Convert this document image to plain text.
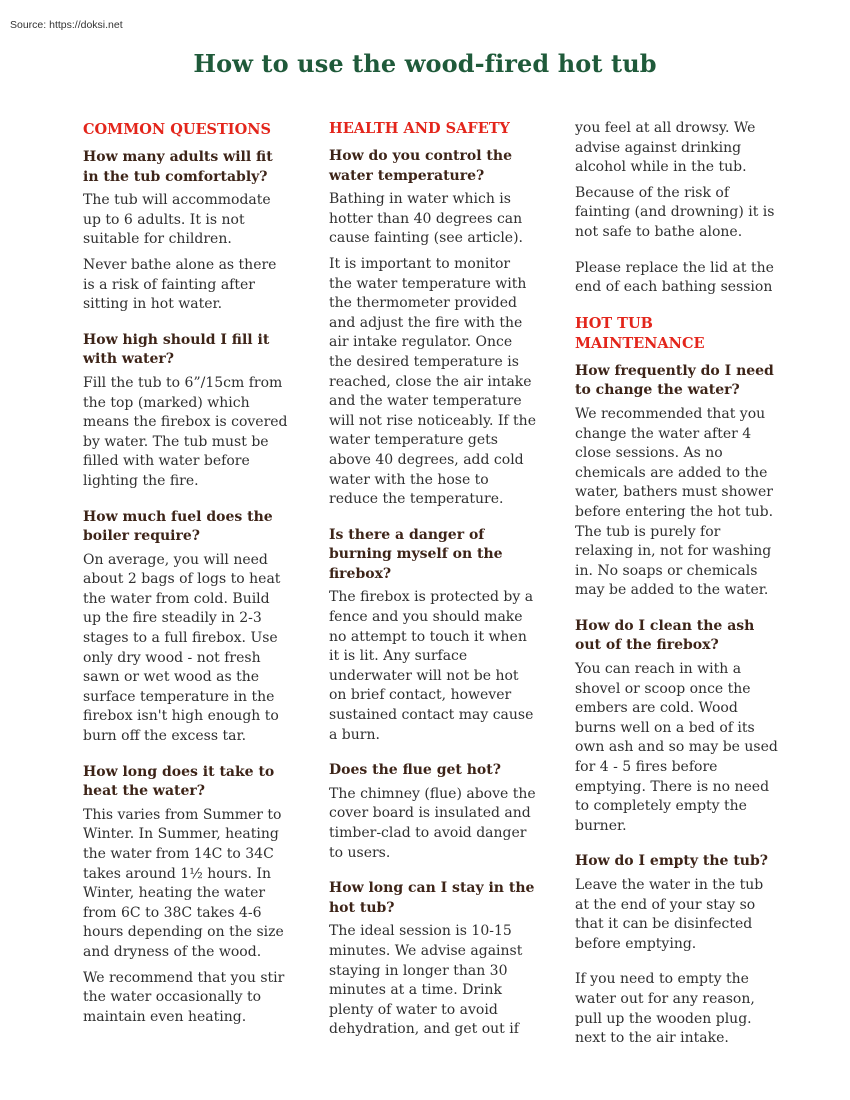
Source: https://doksi.net
How to use the wood-fired hot tub
COMMON QUESTIONS
How many adults will fit in the tub comfortably?

The tub will accommodate up to 6 adults. It is not suitable for children.

Never bathe alone as there is a risk of fainting after sitting in hot water.

How high should I fill it with water?

Fill the tub to 6”/15cm from the top (marked) which means the firebox is covered by water. The tub must be filled with water before lighting the fire.

How much fuel does the boiler require?

On average, you will need about 2 bags of logs to heat the water from cold. Build up the fire steadily in 2-3 stages to a full firebox. Use only dry wood - not fresh sawn or wet wood as the surface temperature in the firebox isn't high enough to burn off the excess tar.

How long does it take to heat the water?

This varies from Summer to Winter. In Summer, heating the water from 14C to 34C takes around 1½ hours. In Winter, heating the water from 6C to 38C takes 4-6 hours depending on the size and dryness of the wood.

We recommend that you stir the water occasionally to maintain even heating.

HEALTH AND SAFETY
How do you control the water temperature?

Bathing in water which is hotter than 40 degrees can cause fainting (see article).

It is important to monitor the water temperature with the thermometer provided and adjust the fire with the air intake regulator. Once the desired temperature is reached, close the air intake and the water temperature will not rise noticeably. If the water temperature gets above 40 degrees, add cold water with the hose to reduce the temperature.

Is there a danger of burning myself on the firebox?

The firebox is protected by a fence and you should make no attempt to touch it when it is lit. Any surface underwater will not be hot on brief contact, however sustained contact may cause a burn.

Does the flue get hot?

The chimney (flue) above the cover board is insulated and timber-clad to avoid danger to users.

How long can I stay in the hot tub?

The ideal session is 10-15 minutes. We advise against staying in longer than 30 minutes at a time. Drink plenty of water to avoid dehydration, and get out if

you feel at all drowsy. We advise against drinking alcohol while in the tub.

Because of the risk of fainting (and drowning) it is not safe to bathe alone.

Please replace the lid at the end of each bathing session

HOT TUB MAINTENANCE
How frequently do I need to change the water?

We recommended that you change the water after 4 close sessions. As no chemicals are added to the water, bathers must shower before entering the hot tub. The tub is purely for relaxing in, not for washing in. No soaps or chemicals may be added to the water.

How do I clean the ash out of the firebox?

You can reach in with a shovel or scoop once the embers are cold. Wood burns well on a bed of its own ash and so may be used for 4 - 5 fires before emptying. There is no need to completely empty the burner.

How do I empty the tub?

Leave the water in the tub at the end of your stay so that it can be disinfected before emptying.

If you need to empty the water out for any reason, pull up the wooden plug. next to the air intake.
